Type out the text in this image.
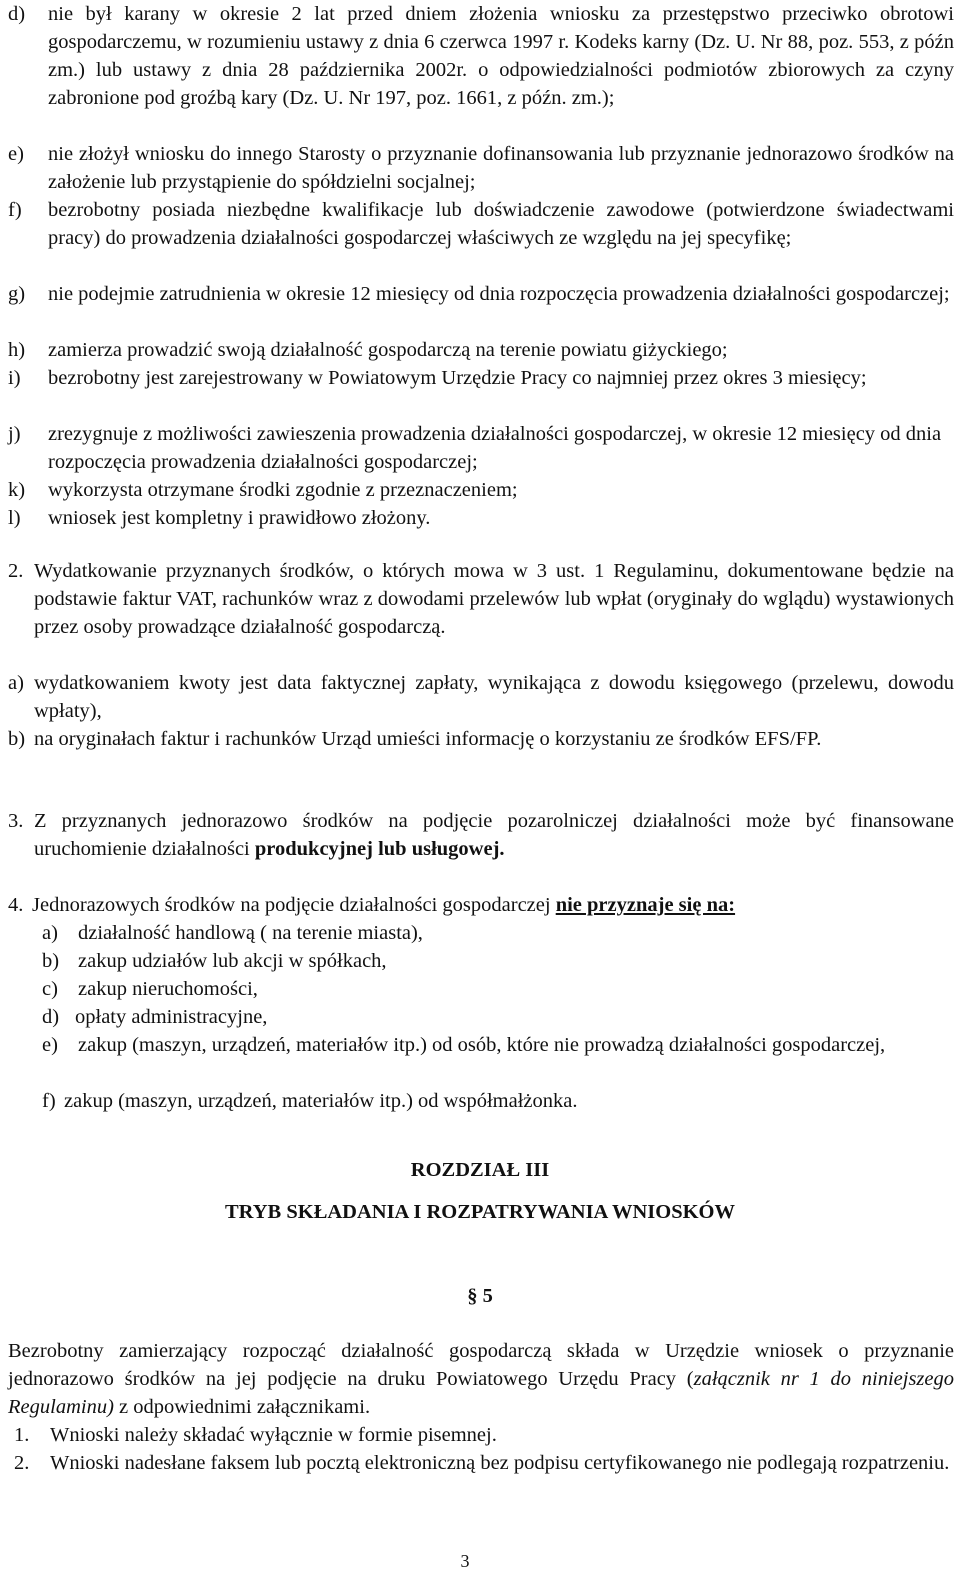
d)	nie był karany w okresie 2 lat przed dniem złożenia wniosku za przestępstwo przeciwko obrotowi gospodarczemu, w rozumieniu ustawy z dnia 6 czerwca 1997 r. Kodeks karny (Dz. U. Nr 88, poz. 553, z późn zm.) lub ustawy z dnia 28 października 2002r. o odpowiedzialności podmiotów zbiorowych za czyny zabronione pod groźbą kary (Dz. U. Nr 197, poz. 1661, z późn. zm.);
e)	nie złożył wniosku do innego Starosty o przyznanie dofinansowania lub przyznanie jednorazowo środków na założenie lub przystąpienie do spółdzielni socjalnej;
f)	bezrobotny posiada niezbędne kwalifikacje lub doświadczenie zawodowe (potwierdzone świadectwami pracy) do prowadzenia działalności gospodarczej właściwych ze względu na jej specyfikę;
g)	nie podejmie zatrudnienia w okresie 12 miesięcy od dnia rozpoczęcia prowadzenia działalności gospodarczej;
h)	zamierza prowadzić swoją działalność gospodarczą na terenie powiatu giżyckiego;
i)	bezrobotny jest zarejestrowany w Powiatowym Urzędzie Pracy co najmniej przez okres 3 miesięcy;
j)	zrezygnuje z możliwości zawieszenia prowadzenia działalności gospodarczej, w okresie 12 miesięcy od dnia rozpoczęcia prowadzenia działalności gospodarczej;
k)	wykorzysta otrzymane środki zgodnie z przeznaczeniem;
l)	wniosek jest kompletny i prawidłowo złożony.
2. Wydatkowanie przyznanych środków, o których mowa w 3 ust. 1 Regulaminu, dokumentowane będzie na podstawie faktur VAT, rachunków wraz z dowodami przelewów lub wpłat (oryginały do wglądu) wystawionych przez osoby prowadzące działalność gospodarczą.
a) wydatkowaniem kwoty jest data faktycznej zapłaty, wynikająca z dowodu księgowego (przelewu, dowodu wpłaty),
b) na oryginałach faktur i rachunków Urząd umieści informację o korzystaniu ze środków EFS/FP.
3. Z przyznanych jednorazowo środków na podjęcie pozarolniczej działalności może być finansowane uruchomienie działalności produkcyjnej lub usługowej.
4. Jednorazowych środków na podjęcie działalności gospodarczej nie przyznaje się na:
a) działalność handlową ( na terenie miasta),
b) zakup udziałów lub akcji w spółkach,
c) zakup nieruchomości,
d) opłaty administracyjne,
e) zakup (maszyn, urządzeń, materiałów itp.) od osób, które nie prowadzą działalności gospodarczej,
f) zakup (maszyn, urządzeń, materiałów itp.) od współmałżonka.
ROZDZIAŁ III
TRYB SKŁADANIA I ROZPATRYWANIA WNIOSKÓW
§ 5
Bezrobotny zamierzający rozpocząć działalność gospodarczą składa w Urzędzie wniosek o przyznanie jednorazowo środków na jej podjęcie na druku Powiatowego Urzędu Pracy (załącznik nr 1 do niniejszego Regulaminu) z odpowiednimi załącznikami.
1.	Wnioski należy składać wyłącznie w formie pisemnej.
2.	Wnioski nadesłane faksem lub pocztą elektroniczną bez podpisu certyfikowanego nie podlegają rozpatrzeniu.
3
